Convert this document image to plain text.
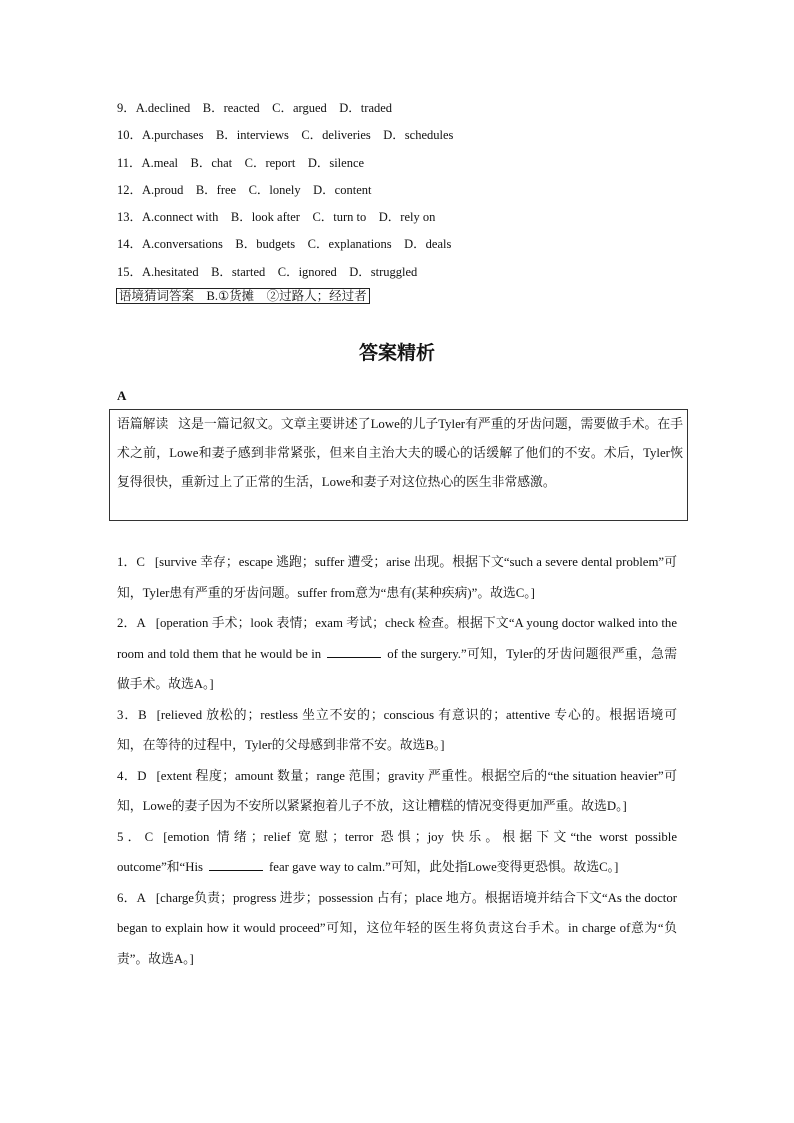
9．A.declined　B．reacted　C．argued　D．traded
10．A.purchases　B．interviews　C．deliveries　D．schedules
11．A.meal　B．chat　C．report　D．silence
12．A.proud　B．free　C．lonely　D．content
13．A.connect with　B．look after　C．turn to　D．rely on
14．A.conversations　B．budgets　C．explanations　D．deals
15．A.hesitated　B．started　C．ignored　D．struggled
语境猜词答案　B.①货摊　②过路人；经过者
答案精析
A
语篇解读 这是一篇记叙文。文章主要讲述了Lowe的儿子Tyler有严重的牙齿问题，需要做手术。在手术之前，Lowe和妻子感到非常紧张，但来自主治大夫的暖心的话缓解了他们的不安。术后，Tyler恢复得很快，重新过上了正常的生活，Lowe和妻子对这位热心的医生非常感激。

1．C [survive 幸存；escape 逃跑；suffer 遭受；arise 出现。根据下文“such a severe dental problem”可知，Tyler患有严重的牙齿问题。suffer from意为“患有(某种疾病)”。故选C。]

2．A [operation 手术；look 表情；exam 考试；check 检查。根据下文“A young doctor walked into the room and told them that he would be in	of the surgery.”可知，Tyler的牙齿问题很严重，急需做手术。故选A。]

3．B [relieved 放松的；restless 坐立不安的；conscious 有意识的；attentive 专心的。根据语境可知，在等待的过程中，Tyler的父母感到非常不安。故选B。]

4．D [extent 程度；amount 数量；range 范围；gravity 严重性。根据空后的“the situation heavier”可知，Lowe的妻子因为不安所以紧紧抱着儿子不放，这让糟糕的情况变得更加严重。故选D。]

5．C [emotion 情绪；relief 宽慰；terror 恐惧；joy 快乐。根据下文“the worst possible outcome”和“His	fear gave way to calm.”可知，此处指Lowe变得更恐惧。故选C。]

6．A [charge负责；progress 进步；possession 占有；place 地方。根据语境并结合下文“As the doctor began to explain how it would proceed”可知，这位年轻的医生将负责这台手术。in charge of意为“负责”。故选A。]
